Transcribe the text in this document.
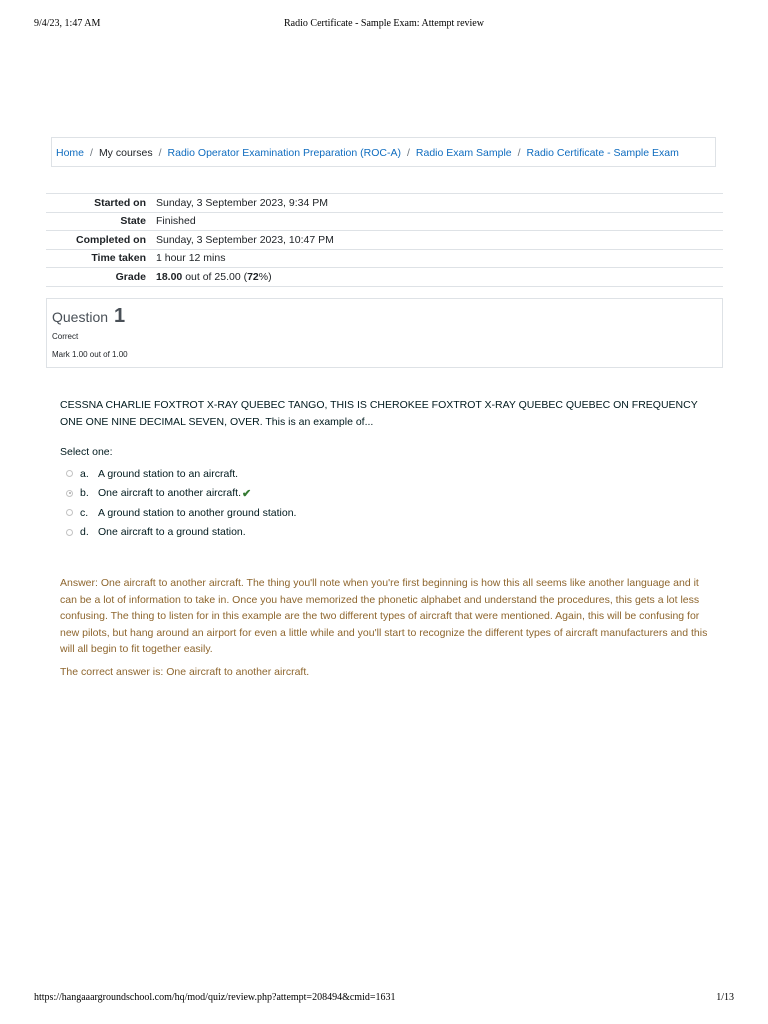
9/4/23, 1:47 AM	Radio Certificate - Sample Exam: Attempt review
Home / My courses / Radio Operator Examination Preparation (ROC-A) / Radio Exam Sample / Radio Certificate - Sample Exam
Started on	Sunday, 3 September 2023, 9:34 PM
State	Finished
Completed on	Sunday, 3 September 2023, 10:47 PM
Time taken	1 hour 12 mins
Grade	18.00 out of 25.00 (72%)
Question 1
Correct
Mark 1.00 out of 1.00
CESSNA CHARLIE FOXTROT X-RAY QUEBEC TANGO, THIS IS CHEROKEE FOXTROT X-RAY QUEBEC QUEBEC ON FREQUENCY ONE ONE NINE DECIMAL SEVEN, OVER. This is an example of...
Select one:
a. A ground station to an aircraft.
b. One aircraft to another aircraft. ✔
c. A ground station to another ground station.
d. One aircraft to a ground station.

Answer: One aircraft to another aircraft. The thing you'll note when you're first beginning is how this all seems like another language and it can be a lot of information to take in. Once you have memorized the phonetic alphabet and understand the procedures, this gets a lot less confusing. The thing to listen for in this example are the two different types of aircraft that were mentioned. Again, this will be confusing for new pilots, but hang around an airport for even a little while and you'll start to recognize the different types of aircraft manufacturers and this will all begin to fit together easily.

The correct answer is: One aircraft to another aircraft.

https://hangaaargroundschool.com/hq/mod/quiz/review.php?attempt=208494&cmid=1631	1/13
